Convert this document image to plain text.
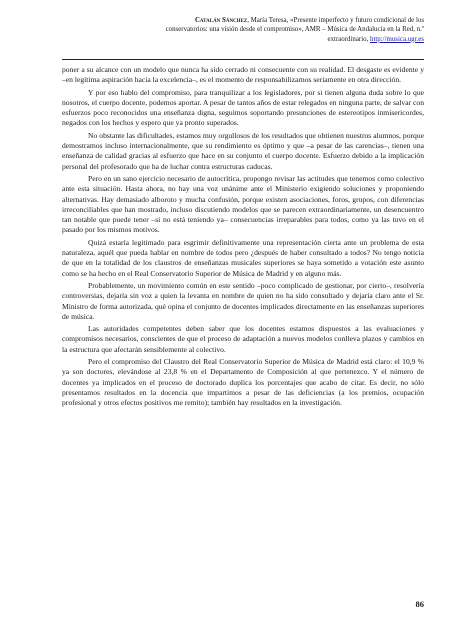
Catalán Sánchez, María Teresa, «Presente imperfecto y futuro condicional de los
conservatorios: una visión desde el compromiso», AMR – Música de Andalucía en la Red, n.º
extraordinario, http://musica.ugr.es

poner a su alcance con un modelo que nunca ha sido cerrado ni consecuente con su realidad. El desgaste es evidente y –en legítima aspiración hacia la excelencia–, es el momento de responsabilizarnos seriamente en otra dirección.

Y por eso hablo del compromiso, para tranquilizar a los legisladores, por si tienen alguna duda sobre lo que nosotros, el cuerpo docente, podemos aportar. A pesar de tantos años de estar relegados en ninguna parte, de salvar con esfuerzos poco reconocidos una enseñanza digna, seguimos soportando presunciones de estereotipos inmisericordes, negados con los hechos y espero que ya pronto superados.

No obstante las dificultades, estamos muy orgullosos de los resultados que obtienen nuestros alumnos, porque demostramos incluso internacionalmente, que su rendimiento es óptimo y que –a pesar de las carencias–, tienen una enseñanza de calidad gracias al esfuerzo que hace en su conjunto el cuerpo docente. Esfuerzo debido a la implicación personal del profesorado que ha de luchar contra estructuras caducas.

Pero en un sano ejercicio necesario de autocrítica, propongo revisar las actitudes que tenemos como colectivo ante esta situación. Hasta ahora, no hay una voz unánime ante el Ministerio exigiendo soluciones y proponiendo alternativas. Hay demasiado alboroto y mucha confusión, porque existen asociaciones, foros, grupos, con diferencias irreconciliables que han mostrado, incluso discutiendo modelos que se parecen extraordinariamente, un desencuentro tan notable que puede tener –si no está teniendo ya– consecuencias irreparables para todos, como ya las tuvo en el pasado por los mismos motivos.

Quizá estaría legitimado para esgrimir definitivamente una representación cierta ante un problema de esta naturaleza, aquél que pueda hablar en nombre de todos pero ¿después de haber consultado a todos? No tengo noticia de que en la totalidad de los claustros de enseñanzas musicales superiores se haya sometido a votación este asunto como se ha hecho en el Real Conservatorio Superior de Música de Madrid y en alguno más.

Probablemente, un movimiento común en este sentido –poco complicado de gestionar, por cierto–, resolvería controversias, dejaría sin voz a quien la levanta en nombre de quien no ha sido consultado y dejaría claro ante el Sr. Ministro de forma autorizada, qué opina el conjunto de docentes implicados directamente en las enseñanzas superiores de música.

Las autoridades competentes deben saber que los docentes estamos dispuestos a las evaluaciones y compromisos necesarios, conscientes de que el proceso de adaptación a nuevos modelos conlleva plazos y cambios en la estructura que afectarán sensiblemente al colectivo.

Pero el compromiso del Claustro del Real Conservatorio Superior de Música de Madrid está claro: el 10,9 % ya son doctores, elevándose al 23,8 % en el Departamento de Composición al que pertenezco. Y el número de docentes ya implicados en el proceso de doctorado duplica los porcentajes que acabo de citar. Es decir, no sólo presentamos resultados en la docencia que impartimos a pesar de las deficiencias (a los premios, ocupación profesional y otros efectos positivos me remito); también hay resultados en la investigación.

86
